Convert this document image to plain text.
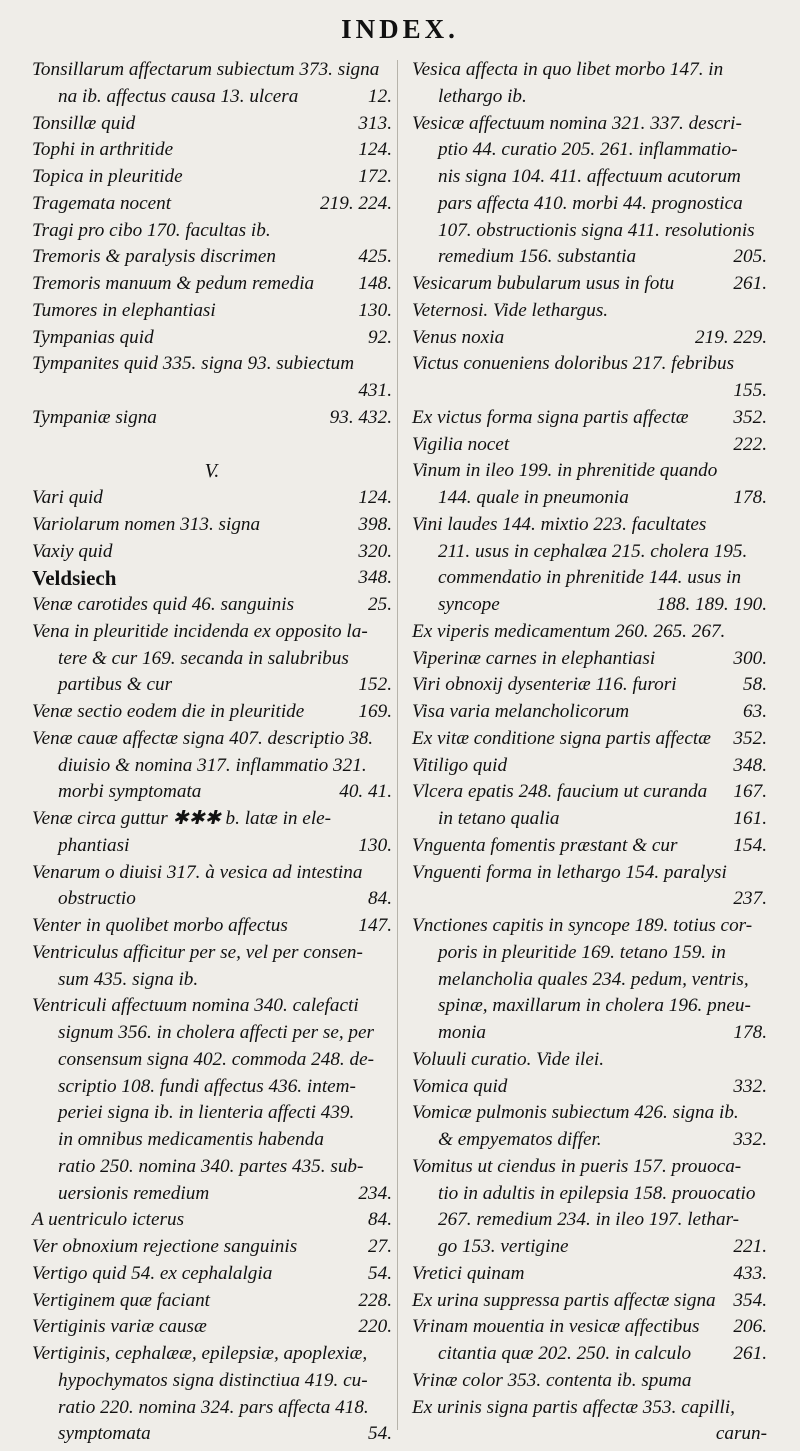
INDEX.
Tonsillarum affectarum subiectum 373. signa
na ib. affectus causa 13. ulcera	12.
Tonsillæ quid	313.
Tophi in arthritide	124.
Topica in pleuritide	172.
Tragemata nocent	219. 224.
Tragi pro cibo 170. facultas ib.
Tremoris & paralysis discrimen	425.
Tremoris manuum & pedum remedia 148.
Tumores in elephantiasi	130.
Tympanias quid	92.
Tympanites quid 335. signa 93. subiectum
431.
Tympaniæ signa	93. 432.
V.
Vari quid	124.
Variolarum nomen 313. signa	398.
Vaxiy quid	320.
Veldsiech	348.
Venæ carotides quid 46. sanguinis	25.
Vena in pleuritide incidenda ex opposito la-
tere & cur 169. secanda in salubribus
partibus & cur	152.
Venæ sectio eodem die in pleuritide	169.
Venæ cauæ affectæ signa 407. descriptio 38.
diuisio & nomina 317. inflammatio 321.
morbi symptomata	40. 41.
Venæ circa guttur ✱✱✱ b. latæ in ele-
phantiasi	130.
Venarum o diuisi 317. à vesica ad intestina
obstructio	84.
Venter in quolibet morbo affectus	147.
Ventriculus afficitur per se, vel per consen-
sum 435. signa ib.
Ventriculi affectuum nomina 340. calefacti
signum 356. in cholera affecti per se, per
consensum signa 402. commoda 248. de-
scriptio 108. fundi affectus 436. intem-
periei signa ib. in lienteria affecti 439.
in omnibus medicamentis habenda
ratio 250. nomina 340. partes 435. sub-
uersionis remedium	234.
A uentriculo icterus	84.
Ver obnoxium rejectione sanguinis	27.
Vertigo quid 54. ex cephalalgia	54.
Vertiginem quæ faciant	228.
Vertiginis variæ causæ	220.
Vertiginis, cephalææ, epilepsiæ, apoplexiæ,
hypochymatos signa distinctiua 419. cu-
ratio 220. nomina 324. pars affecta 418.
symptomata	54.
Vesica affecta in quo libet morbo 147. in
lethargo ib.
Vesicæ affectuum nomina 321. 337. descri-
ptio 44. curatio 205. 261. inflammatio-
nis signa 104. 411. affectuum acutorum
pars affecta 410. morbi 44. prognostica
107. obstructionis signa 411. resolutionis
remedium 156. substantia	205.
Vesicarum bubularum usus in fotu	261.
Veternosi. Vide lethargus.
Venus noxia	219. 229.
Victus conueniens doloribus 217. febribus
155.
Ex victus forma signa partis affectæ 352.
Vigilia nocet	222.
Vinum in ileo 199. in phrenitide quando
144. quale in pneumonia	178.
Vini laudes 144. mixtio 223. facultates
211. usus in cephalæa 215. cholera 195.
commendatio in phrenitide 144. usus in
syncope	188. 189. 190.
Ex viperis medicamentum 260. 265. 267.
Viperinæ carnes in elephantiasi	300.
Viri obnoxij dysenteriæ 116. furori	58.
Visa varia melancholicorum	63.
Ex vitæ conditione signa partis affectæ 352.
Vitiligo quid	348.
Vlcera epatis 248. faucium ut curanda 167.
in tetano qualia	161.
Vnguenta fomentis præstant & cur	154.
Vnguenti forma in lethargo 154. paralysi
237.
Vnctiones capitis in syncope 189. totius cor-
poris in pleuritide 169. tetano 159. in
melancholia quales 234. pedum, ventris,
spinæ, maxillarum in cholera 196. pneu-
monia	178.
Voluuli curatio. Vide ilei.
Vomica quid	332.
Vomicæ pulmonis subiectum 426. signa ib.
& empyematos differ.	332.
Vomitus ut ciendus in pueris 157. prouoca-
tio in adultis in epilepsia 158. prouocatio
267. remedium 234. in ileo 197. lethar-
go 153. vertigine	221.
Vretici quinam	433.
Ex urina suppressa partis affectæ signa 354.
Vrinam mouentia in vesicæ affectibus 206.
citantia quæ 202. 250. in calculo 261.
Vrinæ color 353. contenta ib. spuma
Ex urinis signa partis affectæ 353. capilli,
carun-
